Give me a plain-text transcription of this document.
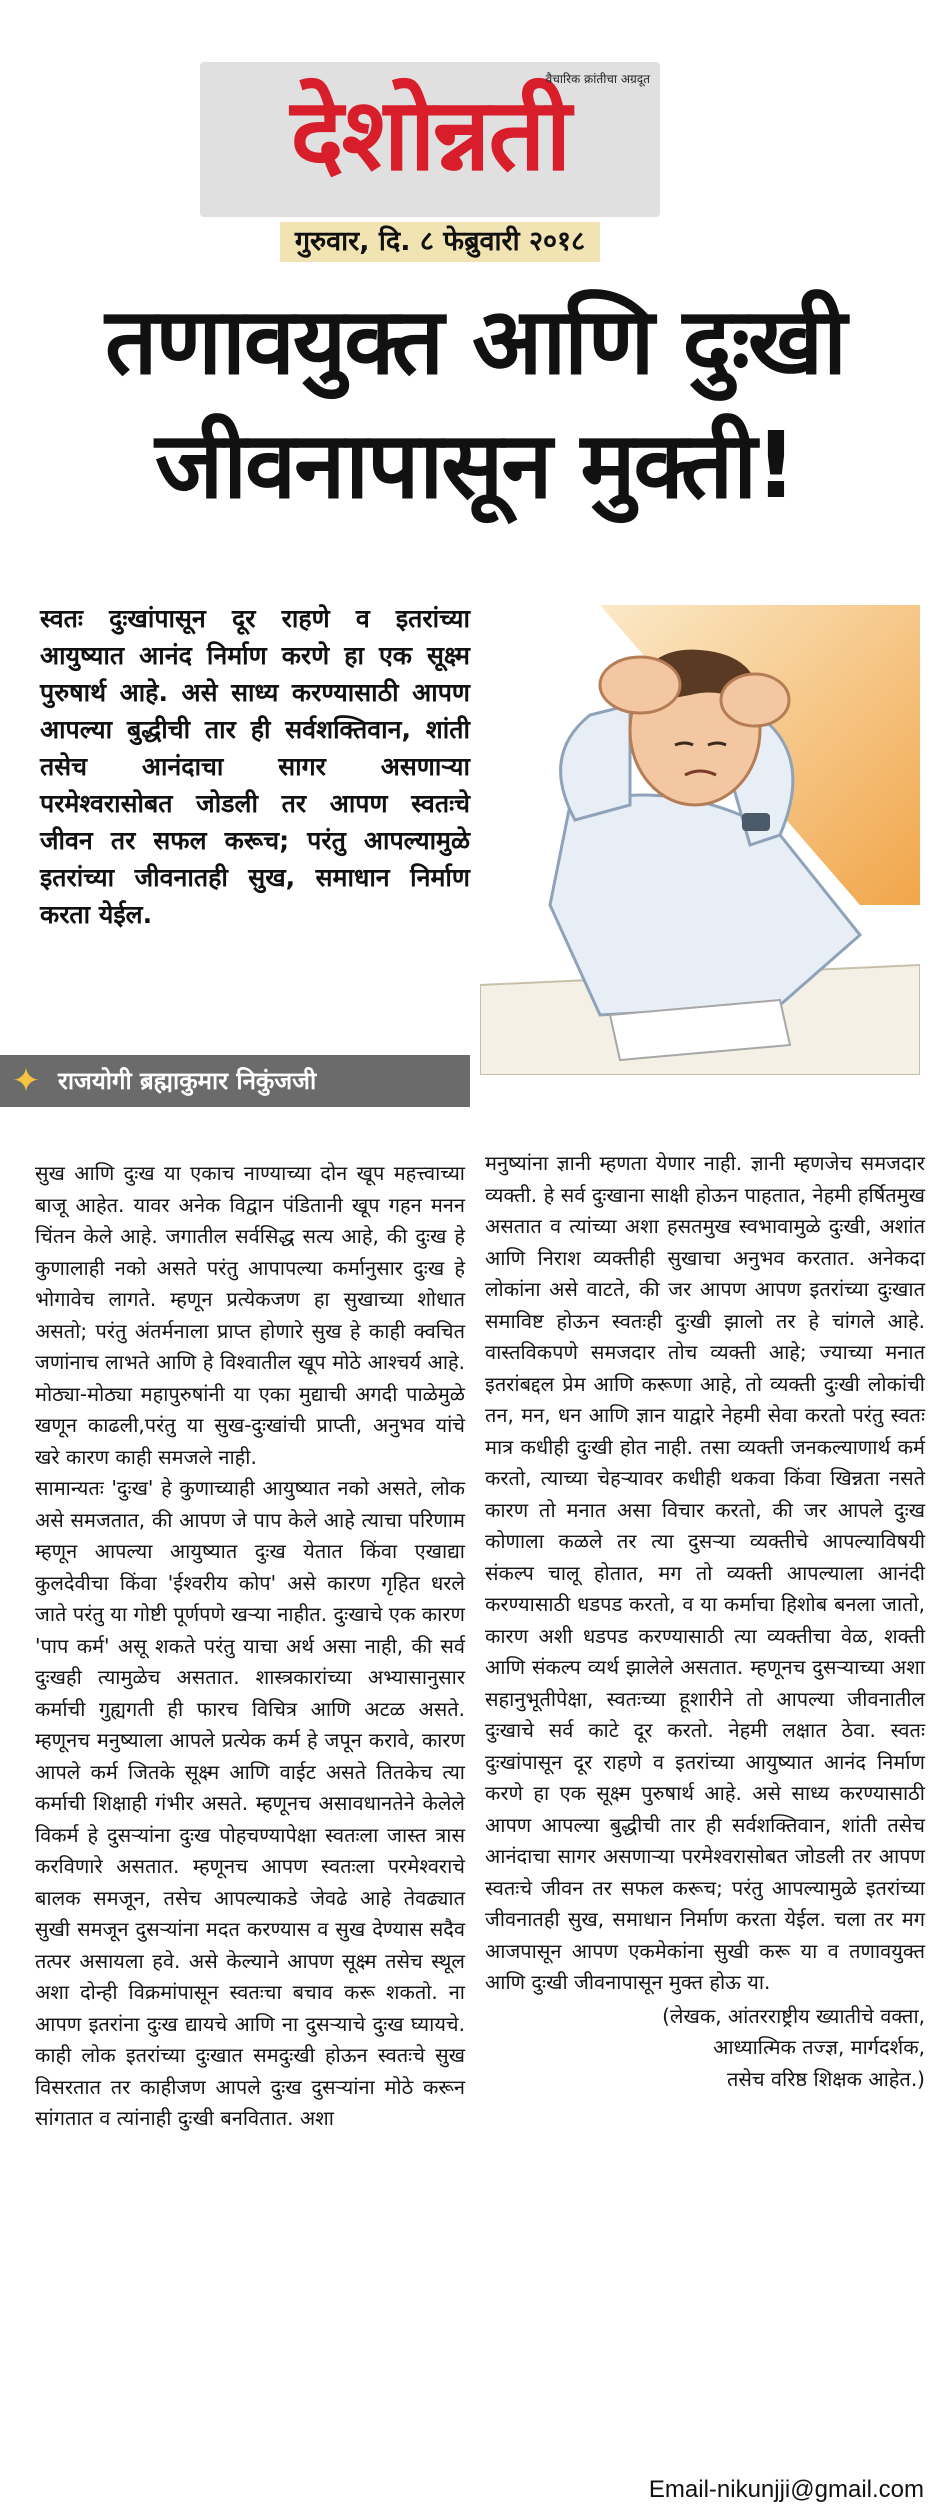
देशोन्नती
वैचारिक क्रांतीचा अग्रदूत
गुरुवार, दि. ८ फेब्रुवारी २०१८
तणावयुक्त आणि दुःखी
जीवनापासून मुक्ती!
स्वतः दुःखांपासून दूर राहणे व इतरांच्या आयुष्यात आनंद निर्माण करणे हा एक सूक्ष्म पुरुषार्थ आहे. असे साध्य करण्यासाठी आपण आपल्या बुद्धीची तार ही सर्वशक्तिवान, शांती तसेच आनंदाचा सागर असणाऱ्या परमेश्वरासोबत जोडली तर आपण स्वतःचे जीवन तर सफल करूच; परंतु आपल्यामुळे इतरांच्या जीवनातही सुख, समाधान निर्माण करता येईल.
✦ राजयोगी ब्रह्माकुमार निकुंजजी

सुख आणि दुःख या एकाच नाण्याच्या दोन खूप महत्त्वाच्या बाजू आहेत. यावर अनेक विद्वान पंडितानी खूप गहन मनन चिंतन केले आहे. जगातील सर्वसिद्ध सत्य आहे, की दुःख हे कुणालाही नको असते परंतु आपापल्या कर्मानुसार दुःख हे भोगावेच लागते. म्हणून प्रत्येकजण हा सुखाच्या शोधात असतो; परंतु अंतर्मनाला प्राप्त होणारे सुख हे काही क्वचित जणांनाच लाभते आणि हे विश्वातील खूप मोठे आश्चर्य आहे. मोठ्या-मोठ्या महापुरुषांनी या एका मुद्याची अगदी पाळेमुळे खणून काढली,परंतु या सुख-दुःखांची प्राप्ती, अनुभव यांचे खरे कारण काही समजले नाही.

सामान्यतः 'दुःख' हे कुणाच्याही आयुष्यात नको असते, लोक असे समजतात, की आपण जे पाप केले आहे त्याचा परिणाम म्हणून आपल्या आयुष्यात दुःख येतात किंवा एखाद्या कुलदेवीचा किंवा 'ईश्वरीय कोप' असे कारण गृहित धरले जाते परंतु या गोष्टी पूर्णपणे खऱ्या नाहीत. दुःखाचे एक कारण 'पाप कर्म' असू शकते परंतु याचा अर्थ असा नाही, की सर्व दुःखही त्यामुळेच असतात. शास्त्रकारांच्या अभ्यासानुसार कर्माची गुह्यगती ही फारच विचित्र आणि अटळ असते. म्हणूनच मनुष्याला आपले प्रत्येक कर्म हे जपून करावे, कारण आपले कर्म जितके सूक्ष्म आणि वाईट असते तितकेच त्या कर्माची शिक्षाही गंभीर असते. म्हणूनच असावधानतेने केलेले विकर्म हे दुसऱ्यांना दुःख पोहचण्यापेक्षा स्वतःला जास्त त्रास करविणारे असतात. म्हणूनच आपण स्वतःला परमेश्वराचे बालक समजून, तसेच आपल्याकडे जेवढे आहे तेवढ्यात सुखी समजून दुसऱ्यांना मदत करण्यास व सुख देण्यास सदैव तत्पर असायला हवे. असे केल्याने आपण सूक्ष्म तसेच स्थूल अशा दोन्ही विक्रमांपासून स्वतःचा बचाव करू शकतो. ना आपण इतरांना दुःख द्यायचे आणि ना दुसऱ्याचे दुःख घ्यायचे. काही लोक इतरांच्या दुःखात समदुःखी होऊन स्वतःचे सुख विसरतात तर काहीजण आपले दुःख दुसऱ्यांना मोठे करून सांगतात व त्यांनाही दुःखी बनवितात. अशा

मनुष्यांना ज्ञानी म्हणता येणार नाही. ज्ञानी म्हणजेच समजदार व्यक्ती. हे सर्व दुःखाना साक्षी होऊन पाहतात, नेहमी हर्षितमुख असतात व त्यांच्या अशा हसतमुख स्वभावामुळे दुःखी, अशांत आणि निराश व्यक्तीही सुखाचा अनुभव करतात. अनेकदा लोकांना असे वाटते, की जर आपण आपण इतरांच्या दुःखात समाविष्ट होऊन स्वतःही दुःखी झालो तर हे चांगले आहे. वास्तविकपणे समजदार तोच व्यक्ती आहे; ज्याच्या मनात इतरांबद्दल प्रेम आणि करूणा आहे, तो व्यक्ती दुःखी लोकांची तन, मन, धन आणि ज्ञान याद्वारे नेहमी सेवा करतो परंतु स्वतः मात्र कधीही दुःखी होत नाही. तसा व्यक्ती जनकल्याणार्थ कर्म करतो, त्याच्या चेहऱ्यावर कधीही थकवा किंवा खिन्नता नसते कारण तो मनात असा विचार करतो, की जर आपले दुःख कोणाला कळले तर त्या दुसऱ्या व्यक्तीचे आपल्याविषयी संकल्प चालू होतात, मग तो व्यक्ती आपल्याला आनंदी करण्यासाठी धडपड करतो, व या कर्माचा हिशोब बनला जातो, कारण अशी धडपड करण्यासाठी त्या व्यक्तीचा वेळ, शक्ती आणि संकल्प व्यर्थ झालेले असतात. म्हणूनच दुसऱ्याच्या अशा सहानुभूतीपेक्षा, स्वतःच्या हूशारीने तो आपल्या जीवनातील दुःखाचे सर्व काटे दूर करतो. नेहमी लक्षात ठेवा. स्वतः दुःखांपासून दूर राहणे व इतरांच्या आयुष्यात आनंद निर्माण करणे हा एक सूक्ष्म पुरुषार्थ आहे. असे साध्य करण्यासाठी आपण आपल्या बुद्धीची तार ही सर्वशक्तिवान, शांती तसेच आनंदाचा सागर असणाऱ्या परमेश्वरासोबत जोडली तर आपण स्वतःचे जीवन तर सफल करूच; परंतु आपल्यामुळे इतरांच्या जीवनातही सुख, समाधान निर्माण करता येईल. चला तर मग आजपासून आपण एकमेकांना सुखी करू या व तणावयुक्त आणि दुःखी जीवनापासून मुक्त होऊ या.

(लेखक, आंतरराष्ट्रीय ख्यातीचे वक्ता,
आध्यात्मिक तज्ज्ञ, मार्गदर्शक,
तसेच वरिष्ठ शिक्षक आहेत.)
Email-nikunjji@gmail.com
